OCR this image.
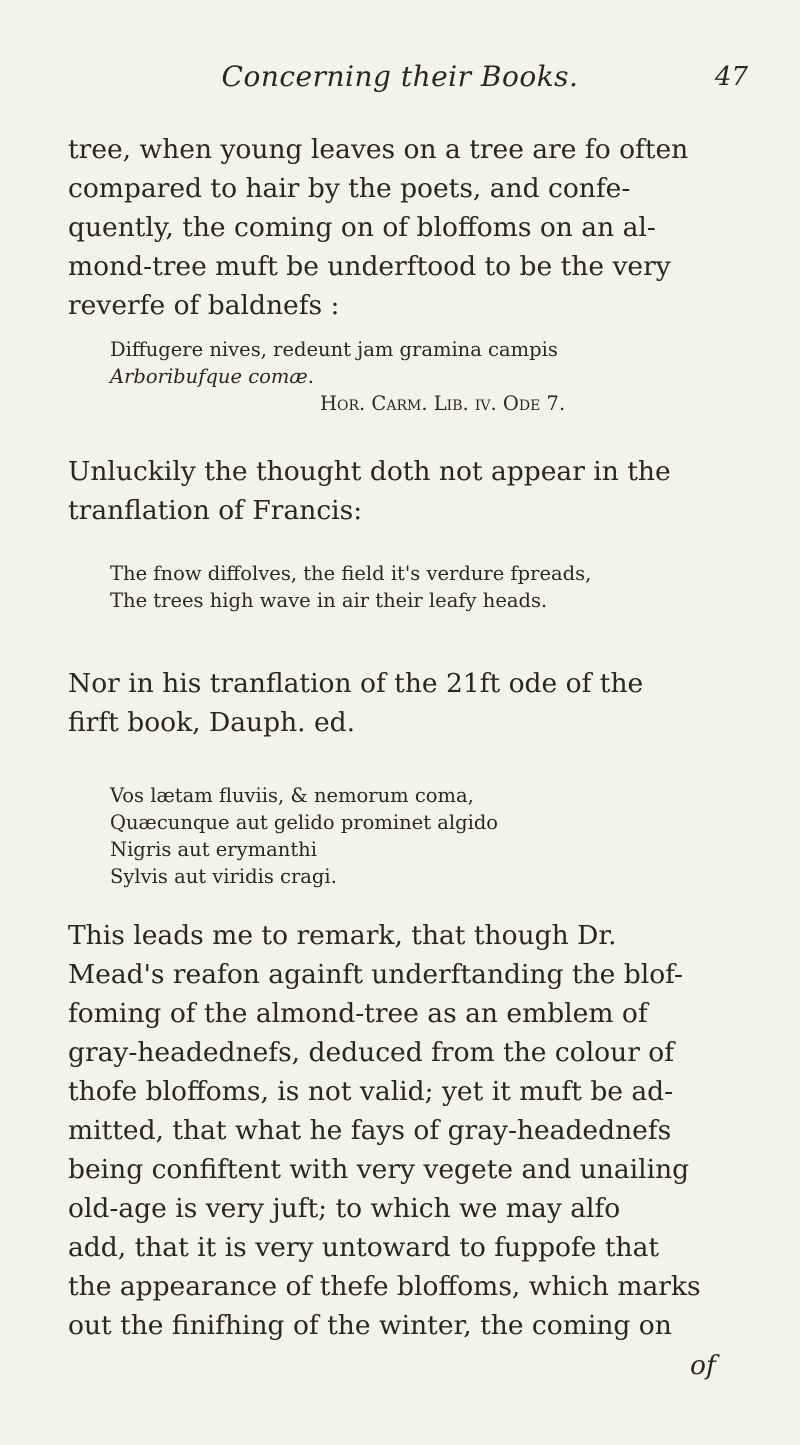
Concerning their Books.	47

tree, when young leaves on a tree are fo often

compared to hair by the poets, and confe-

quently, the coming on of bloffoms on an al-

mond-tree muft be underftood to be the very

reverfe of baldnefs :

Diffugere nives, redeunt jam gramina campis

Arboribufque comæ.

Hor. Carm. Lib. iv. Ode 7.

Unluckily the thought doth not appear in the

tranflation of Francis:

The fnow diffolves, the field it's verdure fpreads,

The trees high wave in air their leafy heads.

Nor in his tranflation of the 21ft ode of the

firft book, Dauph. ed.

Vos lætam fluviis, & nemorum coma,

Quæcunque aut gelido prominet algido

Nigris aut erymanthi

Sylvis aut viridis cragi.

This leads me to remark, that though Dr.

Mead's reafon againft underftanding the blof-

foming of the almond-tree as an emblem of

gray-headednefs, deduced from the colour of

thofe bloffoms, is not valid; yet it muft be ad-

mitted, that what he fays of gray-headednefs

being confiftent with very vegete and unailing

old-age is very juft; to which we may alfo

add, that it is very untoward to fuppofe that

the appearance of thefe bloffoms, which marks

out the finifhing of the winter, the coming on

of
